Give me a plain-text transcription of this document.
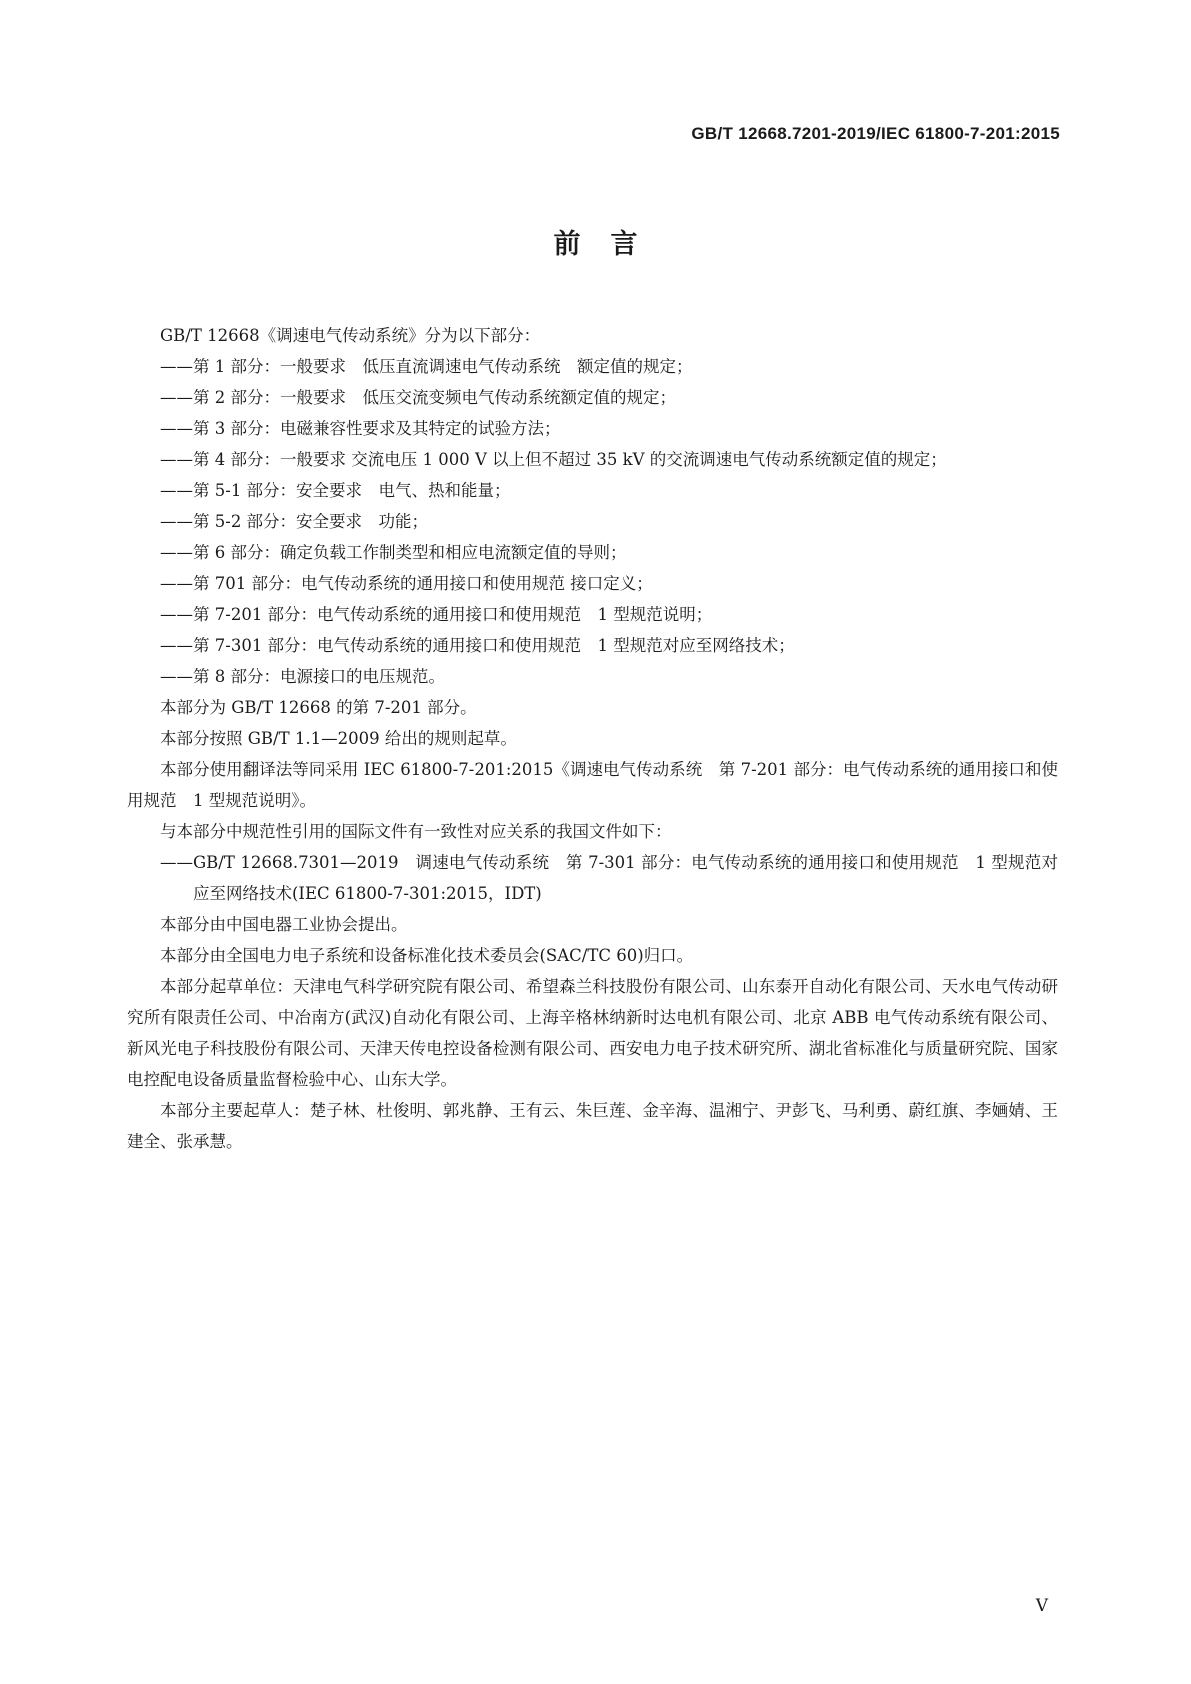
GB/T 12668.7201-2019/IEC 61800-7-201:2015
前言

GB/T 12668《调速电气传动系统》分为以下部分：

——第 1 部分：一般要求　低压直流调速电气传动系统　额定值的规定；

——第 2 部分：一般要求　低压交流变频电气传动系统额定值的规定；

——第 3 部分：电磁兼容性要求及其特定的试验方法；

——第 4 部分：一般要求 交流电压 1 000 V 以上但不超过 35 kV 的交流调速电气传动系统额定值的规定；

——第 5-1 部分：安全要求　电气、热和能量；

——第 5-2 部分：安全要求　功能；

——第 6 部分：确定负载工作制类型和相应电流额定值的导则；

——第 701 部分：电气传动系统的通用接口和使用规范 接口定义；

——第 7-201 部分：电气传动系统的通用接口和使用规范　1 型规范说明；

——第 7-301 部分：电气传动系统的通用接口和使用规范　1 型规范对应至网络技术；

——第 8 部分：电源接口的电压规范。

本部分为 GB/T 12668 的第 7-201 部分。

本部分按照 GB/T 1.1—2009 给出的规则起草。

本部分使用翻译法等同采用 IEC 61800-7-201:2015《调速电气传动系统　第 7-201 部分：电气传动系统的通用接口和使用规范　1 型规范说明》。

与本部分中规范性引用的国际文件有一致性对应关系的我国文件如下：

——GB/T 12668.7301—2019　调速电气传动系统　第 7-301 部分：电气传动系统的通用接口和使用规范　1 型规范对应至网络技术(IEC 61800-7-301:2015，IDT)

本部分由中国电器工业协会提出。

本部分由全国电力电子系统和设备标准化技术委员会(SAC/TC 60)归口。

本部分起草单位：天津电气科学研究院有限公司、希望森兰科技股份有限公司、山东泰开自动化有限公司、天水电气传动研究所有限责任公司、中冶南方(武汉)自动化有限公司、上海辛格林纳新时达电机有限公司、北京 ABB 电气传动系统有限公司、新风光电子科技股份有限公司、天津天传电控设备检测有限公司、西安电力电子技术研究所、湖北省标准化与质量研究院、国家电控配电设备质量监督检验中心、山东大学。

本部分主要起草人：楚子林、杜俊明、郭兆静、王有云、朱巨莲、金辛海、温湘宁、尹彭飞、马利勇、蔚红旗、李婳婧、王建全、张承慧。

Ⅴ
